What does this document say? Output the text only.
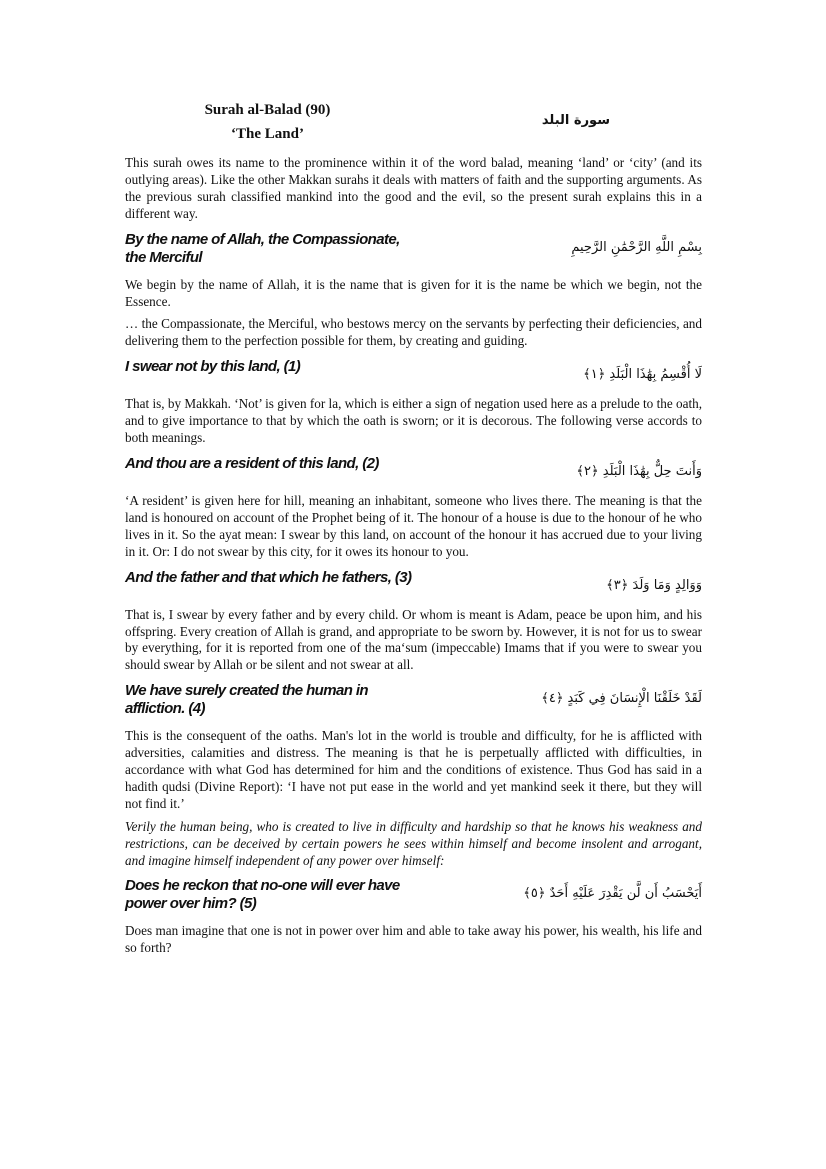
Surah al-Balad (90)
‘The Land’
سورة البلد

This surah owes its name to the prominence within it of the word balad, meaning ‘land’ or ‘city’ (and its outlying areas). Like the other Makkan surahs it deals with matters of faith and the supporting arguments. As the previous surah classified mankind into the good and the evil, so the present surah explains this in a different way.

By the name of Allah, the Compassionate, the Merciful
بِسْمِ اللَّهِ الرَّحْمَٰنِ الرَّحِيمِ

We begin by the name of Allah, it is the name that is given for it is the name be which we begin, not the Essence.

… the Compassionate, the Merciful, who bestows mercy on the servants by perfecting their deficiencies, and delivering them to the perfection possible for them, by creating and guiding.

I swear not by this land, (1)	لَا أُقْسِمُ بِهَٰذَا الْبَلَدِ ﴿١﴾

That is, by Makkah. ‘Not’ is given for la, which is either a sign of negation used here as a prelude to the oath, and to give importance to that by which the oath is sworn; or it is decorous. The following verse accords to both meanings.

And thou are a resident of this land, (2)	وَأَنتَ حِلٌّ بِهَٰذَا الْبَلَدِ ﴿٢﴾

‘A resident’ is given here for hill, meaning an inhabitant, someone who lives there. The meaning is that the land is honoured on account of the Prophet being of it. The honour of a house is due to the honour of he who lives in it. So the ayat mean: I swear by this land, on account of the honour it has accrued due to your living in it. Or: I do not swear by this city, for it owes its honour to you.

And the father and that which he fathers, (3)	وَوَالِدٍ وَمَا وَلَدَ ﴿٣﴾

That is, I swear by every father and by every child. Or whom is meant is Adam, peace be upon him, and his offspring. Every creation of Allah is grand, and appropriate to be sworn by. However, it is not for us to swear by everything, for it is reported from one of the ma‘sum (impeccable) Imams that if you were to swear you should swear by Allah or be silent and not swear at all.

We have surely created the human in affliction. (4)
لَقَدْ خَلَقْنَا الْإِنسَانَ فِي كَبَدٍ ﴿٤﴾

This is the consequent of the oaths. Man's lot in the world is trouble and difficulty, for he is afflicted with adversities, calamities and distress. The meaning is that he is perpetually afflicted with difficulties, in accordance with what God has determined for him and the conditions of existence. Thus God has said in a hadith qudsi (Divine Report): ‘I have not put ease in the world and yet mankind seek it there, but they will not find it.’

Verily the human being, who is created to live in difficulty and hardship so that he knows his weakness and restrictions, can be deceived by certain powers he sees within himself and become insolent and arrogant, and imagine himself independent of any power over himself:

Does he reckon that no-one will ever have power over him? (5)
أَيَحْسَبُ أَن لَّن يَقْدِرَ عَلَيْهِ أَحَدٌ ﴿٥﴾

Does man imagine that one is not in power over him and able to take away his power, his wealth, his life and so forth?
